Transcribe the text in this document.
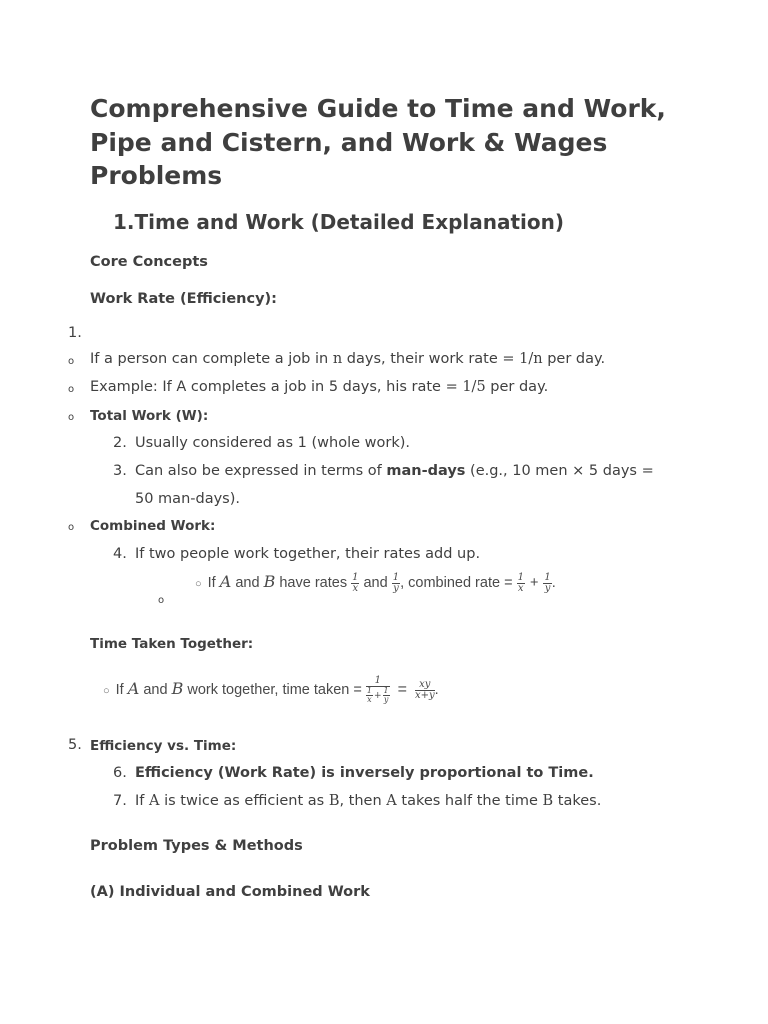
Comprehensive Guide to Time and Work, Pipe and Cistern, and Work & Wages Problems
1.Time and Work (Detailed Explanation)
Core Concepts
Work Rate (Efficiency):
1.
o If a person can complete a job in n days, their work rate = 1/n per day.
o Example: If A completes a job in 5 days, his rate = 1/5 per day.
o Total Work (W):
2. Usually considered as 1 (whole work).
3. Can also be expressed in terms of man-days (e.g., 10 men × 5 days =
50 man-days).
o Combined Work:
4. If two people work together, their rates add up.
o
○ If A and B have rates $\frac{1}{x}$ and $\frac{1}{y}$ , combined rate = $\frac{1}{x} + \frac{1}{y}$ .
Time Taken Together:
○ If A and B work together, time taken = $\frac{1}{\frac{1}{x} + \frac{1}{y}} = \frac{xy}{x+y}$ .
5. Efficiency vs. Time:
6. Efficiency (Work Rate) is inversely proportional to Time.
7. If A is twice as efficient as B, then A takes half the time B takes.
Problem Types & Methods
(A) Individual and Combined Work
